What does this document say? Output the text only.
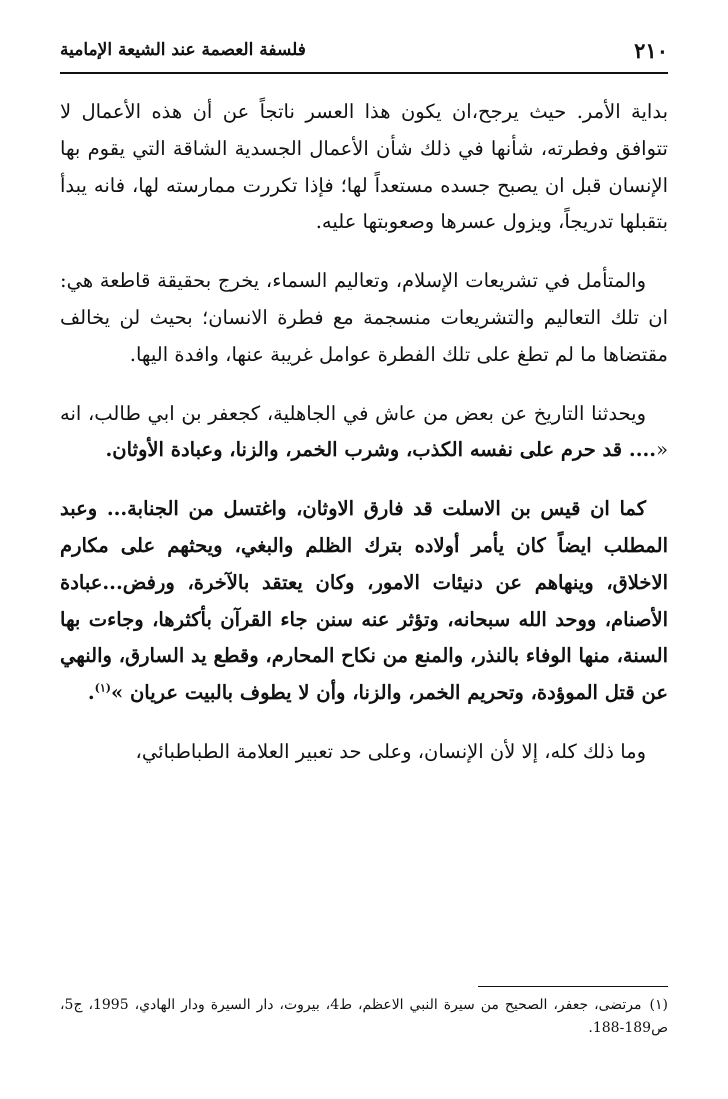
٢١٠
فلسفة العصمة عند الشيعة الإمامية

بداية الأمر. حيث يرجح،ان يكون هذا العسر ناتجاً عن أن هذه الأعمال لا تتوافق وفطرته، شأنها في ذلك شأن الأعمال الجسدية الشاقة التي يقوم بها الإنسان قبل ان يصبح جسده مستعداً لها؛ فإذا تكررت ممارسته لها، فانه يبدأ بتقبلها تدريجاً، ويزول عسرها وصعوبتها عليه.

والمتأمل في تشريعات الإسلام، وتعاليم السماء، يخرج بحقيقة قاطعة هي: ان تلك التعاليم والتشريعات منسجمة مع فطرة الانسان؛ بحيث لن يخالف مقتضاها ما لم تطغ على تلك الفطرة عوامل غريبة عنها، وافدة اليها.

ويحدثنا التاريخ عن بعض من عاش في الجاهلية، كجعفر بن ابي طالب، انه «.... قد حرم على نفسه الكذب، وشرب الخمر، والزنا، وعبادة الأوثان.

كما ان قيس بن الاسلت قد فارق الاوثان، واغتسل من الجنابة... وعبد المطلب ايضاً كان يأمر أولاده بترك الظلم والبغي، ويحثهم على مكارم الاخلاق، وينهاهم عن دنيئات الامور، وكان يعتقد بالآخرة، ورفض...عبادة الأصنام، ووحد الله سبحانه، وتؤثر عنه سنن جاء القرآن بأكثرها، وجاءت بها السنة، منها الوفاء بالنذر، والمنع من نكاح المحارم، وقطع يد السارق، والنهي عن قتل الموؤدة، وتحريم الخمر، والزنا، وأن لا يطوف بالبيت عريان »$^{(١)}$.

وما ذلك كله، إلا لأن الإنسان، وعلى حد تعبير العلامة الطباطبائي،

(١)مرتضى، جعفر، الصحيح من سيرة النبي الاعظم، ط4، بيروت، دار السيرة ودار الهادي، 1995، ج5، ص189-188.
